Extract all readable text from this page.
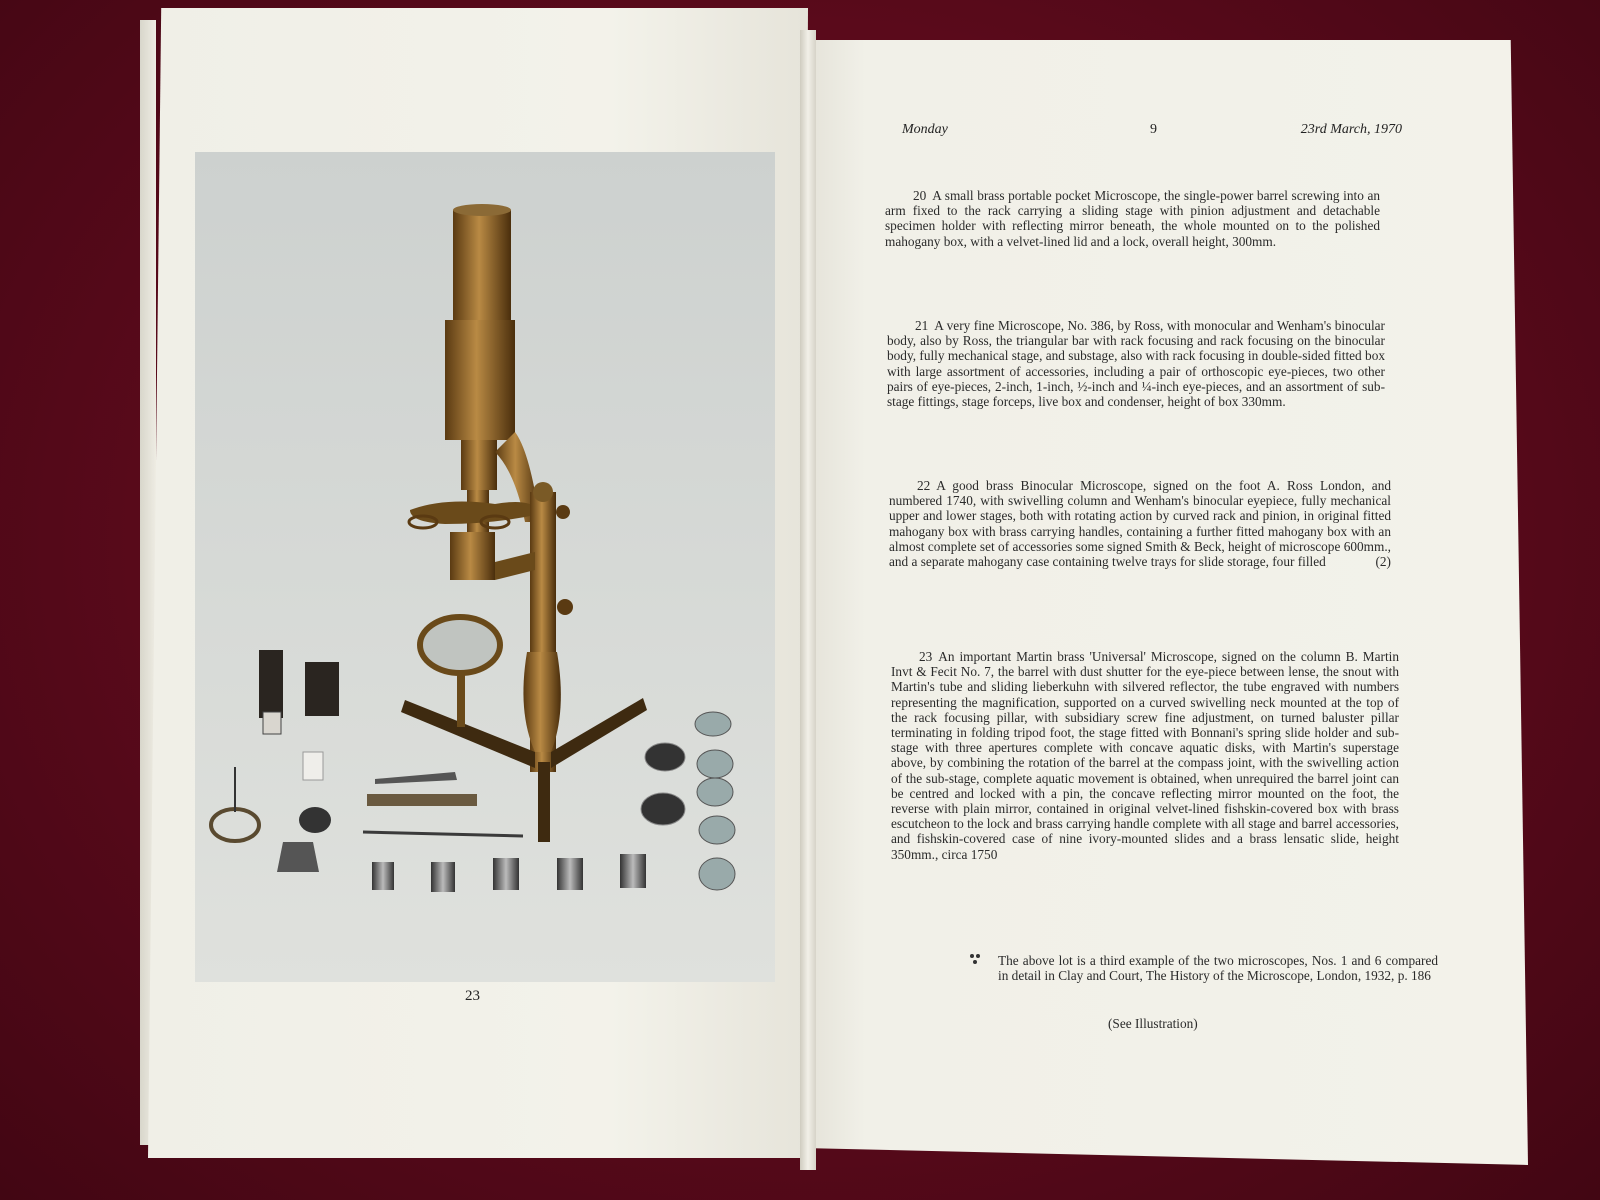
23
Monday	9	23rd March, 1970
20 A small brass portable pocket Microscope, the single-power barrel screwing into an arm fixed to the rack carrying a sliding stage with pinion adjustment and detachable specimen holder with reflecting mirror beneath, the whole mounted on to the polished mahogany box, with a velvet-lined lid and a lock, overall height, 300mm.
21 A very fine Microscope, No. 386, by Ross, with monocular and Wenham's binocular body, also by Ross, the triangular bar with rack focusing and rack focusing on the binocular body, fully mechanical stage, and substage, also with rack focusing in double-sided fitted box with large assortment of accessories, including a pair of orthoscopic eye-pieces, two other pairs of eye-pieces, 2-inch, 1-inch, ½-inch and ¼-inch eye-pieces, and an assortment of sub-stage fittings, stage forceps, live box and condenser, height of box 330mm.
22 A good brass Binocular Microscope, signed on the foot A. Ross London, and numbered 1740, with swivelling column and Wenham's binocular eyepiece, fully mechanical upper and lower stages, both with rotating action by curved rack and pinion, in original fitted mahogany box with brass carrying handles, containing a further fitted mahogany box with an almost complete set of accessories some signed Smith & Beck, height of microscope 600mm., and a separate mahogany case containing twelve trays for slide storage, four filled	(2)
23 An important Martin brass 'Universal' Microscope, signed on the column B. Martin Invt & Fecit No. 7, the barrel with dust shutter for the eye-piece between lense, the snout with Martin's tube and sliding lieberkuhn with silvered reflector, the tube engraved with numbers representing the magnification, supported on a curved swivelling neck mounted at the top of the rack focusing pillar, with subsidiary screw fine adjustment, on turned baluster pillar terminating in folding tripod foot, the stage fitted with Bonnani's spring slide holder and sub-stage with three apertures complete with concave aquatic disks, with Martin's superstage above, by combining the rotation of the barrel at the compass joint, with the swivelling action of the sub-stage, complete aquatic movement is obtained, when unrequired the barrel joint can be centred and locked with a pin, the concave reflecting mirror mounted on the foot, the reverse with plain mirror, contained in original velvet-lined fishskin-covered box with brass escutcheon to the lock and brass carrying handle complete with all stage and barrel accessories, and fishskin-covered case of nine ivory-mounted slides and a brass lensatic slide, height 350mm., circa 1750
The above lot is a third example of the two microscopes, Nos. 1 and 6 compared in detail in Clay and Court, The History of the Microscope, London, 1932, p. 186
(See Illustration)
